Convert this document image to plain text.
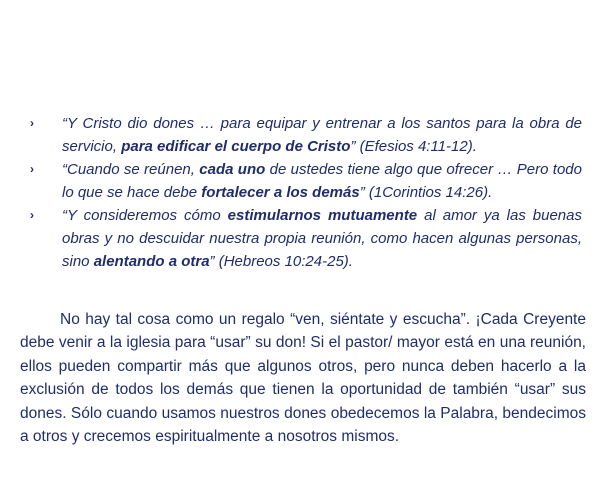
›	“Y Cristo dio dones … para equipar y entrenar a los santos para la obra de servicio, para edificar el cuerpo de Cristo” (Efesios 4:11-12).
›	“Cuando se reúnen, cada uno de ustedes tiene algo que ofrecer … Pero todo lo que se hace debe fortalecer a los demás” (1Corintios 14:26).
›	“Y consideremos cómo estimularnos mutuamente al amor ya las buenas obras y no descuidar nuestra propia reunión, como hacen algunas personas, sino alentando a otra” (Hebreos 10:24-25).

No hay tal cosa como un regalo “ven, siéntate y escucha”. ¡Cada Creyente debe venir a la iglesia para “usar” su don! Si el pastor/ mayor está en una reunión, ellos pueden compartir más que algunos otros, pero nunca deben hacerlo a la exclusión de todos los demás que tienen la oportunidad de también “usar” sus dones. Sólo cuando usamos nuestros dones obedecemos la Palabra, bendecimos a otros y crecemos espiritualmente a nosotros mismos.
